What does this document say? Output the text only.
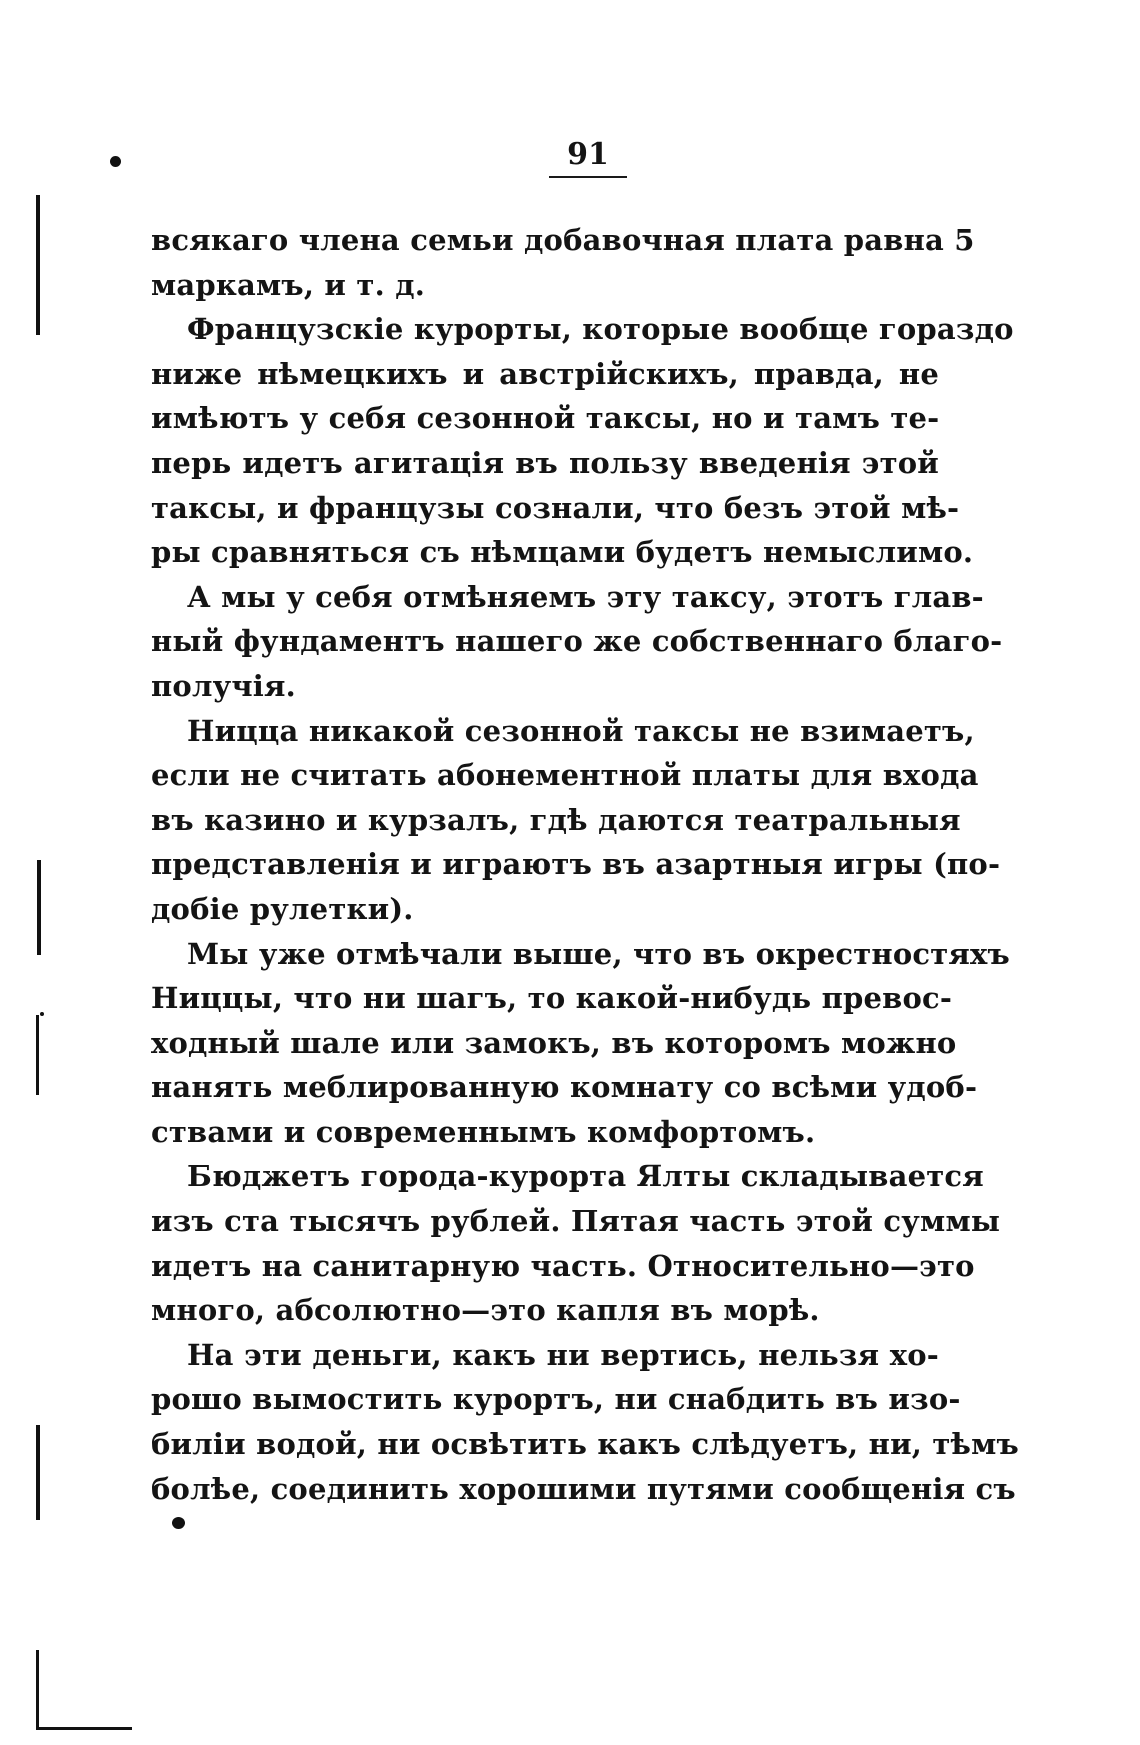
91
всякаго члена семьи добавочная плата равна 5
маркамъ, и т. д.
Французскіе курорты, которые вообще гораздо
ниже нѣмецкихъ и австрійскихъ, правда, не
имѣютъ у себя сезонной таксы, но и тамъ те-
перь идетъ агитація въ пользу введенія этой
таксы, и французы сознали, что безъ этой мѣ-
ры сравняться съ нѣмцами будетъ немыслимо.
А мы у себя отмѣняемъ эту таксу, этотъ глав-
ный фундаментъ нашего же собственнаго благо-
получія.
Ницца никакой сезонной таксы не взимаетъ,
если не считать абонементной платы для входа
въ казино и курзалъ, гдѣ даются театральныя
представленія и играютъ въ азартныя игры (по-
добіе рулетки).
Мы уже отмѣчали выше, что въ окрестностяхъ
Ниццы, что ни шагъ, то какой-нибудь превос-
ходный шале или замокъ, въ которомъ можно
нанять меблированную комнату со всѣми удоб-
ствами и современнымъ комфортомъ.
Бюджетъ города-курорта Ялты складывается
изъ ста тысячъ рублей. Пятая часть этой суммы
идетъ на санитарную часть. Относительно—это
много, абсолютно—это капля въ морѣ.
На эти деньги, какъ ни вертись, нельзя хо-
рошо вымостить курортъ, ни снабдить въ изо-
биліи водой, ни освѣтить какъ слѣдуетъ, ни, тѣмъ
болѣе, соединить хорошими путями сообщенія съ
